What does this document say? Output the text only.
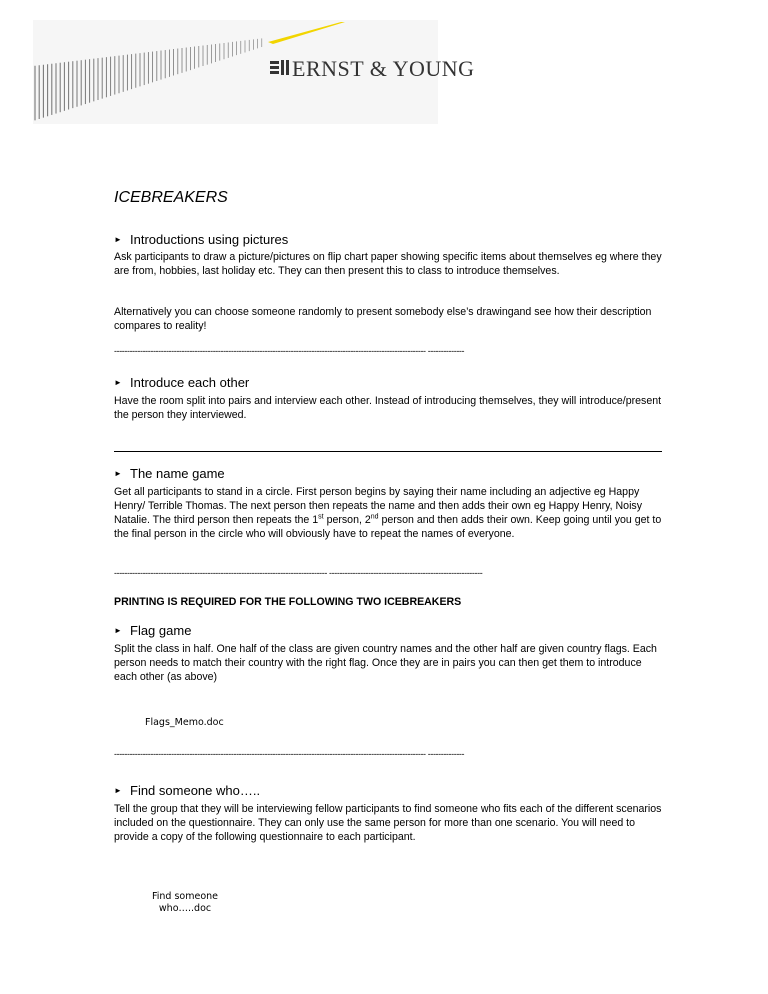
ERNST & YOUNG
ICEBREAKERS
► Introductions using pictures
Ask participants to draw a picture/pictures on flip chart paper showing specific items about themselves eg where they are from, hobbies, last holiday etc. They can then present this to class to introduce themselves.
Alternatively you can choose someone randomly to present somebody else’s drawingand see how their description compares to reality!
------------------------------------------------------------------------------------------------------------------------ --------------
► Introduce each other
Have the room split into pairs and interview each other. Instead of introducing themselves, they will introduce/present the person they interviewed.
► The name game
Get all participants to stand in a circle. First person begins by saying their name including an adjective eg Happy Henry/ Terrible Thomas. The next person then repeats the name and then adds their own eg Happy Henry, Noisy Natalie. The third person then repeats the 1st person, 2nd person and then adds their own. Keep going until you get to the final person in the circle who will obviously have to repeat the names of everyone.
---------------------------------------------------------------------------------- -----------------------------------------------------------
PRINTING IS REQUIRED FOR THE FOLLOWING TWO ICEBREAKERS
► Flag game
Split the class in half. One half of the class are given country names and the other half are given country flags. Each person needs to match their country with the right flag. Once they are in pairs you can then get them to introduce each other (as above)
Flags_Memo.doc
------------------------------------------------------------------------------------------------------------------------ --------------
► Find someone who…..
Tell the group that they will be interviewing fellow participants to find someone who fits each of the different scenarios included on the questionnaire. They can only use the same person for more than one scenario. You will need to provide a copy of the following questionnaire to each participant.
Find someone
who…..doc
